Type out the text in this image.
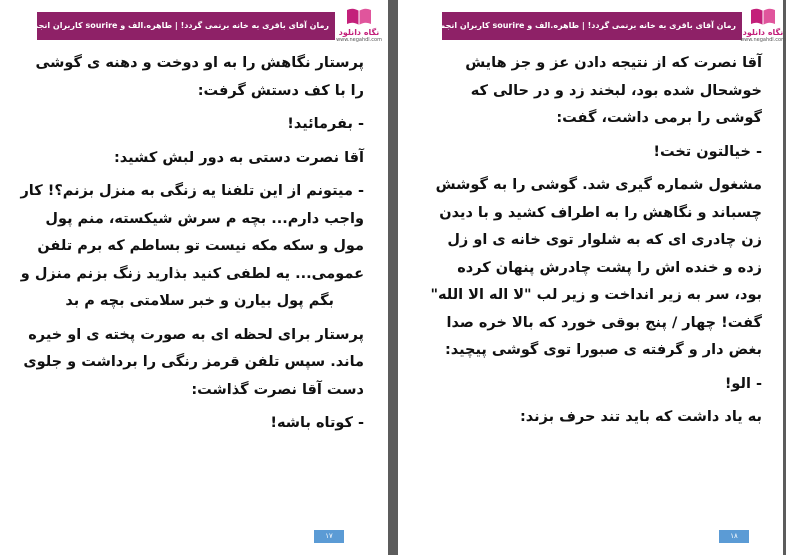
رمان آقای باقری به خانه برنمی گردد! | طاهره.الف و sourire کاربران انجمن
نگاه دانلود
www.negahdl.com
پرستار نگاهش را به او دوخت و دهنه ی گوشی
را با کف دستش گرفت:
- بفرمائید!
آقا نصرت دستی به دور لبش کشید:
- میتونم از این تلفنا یه زنگی به منزل بزنم؟! کار
واجب دارم... بچه م سرش شیکسته، منم پول
مول و سکه مکه نیست تو بساطم که برم تلفن
عمومی... یه لطفی کنید بذارید زنگ بزنم منزل و
بگم پول بیارن و خبر سلامتی بچه م بد
پرستار برای لحظه ای به صورت پخته ی او خیره
ماند. سپس تلفن قرمز رنگی را برداشت و جلوی
دست آقا نصرت گذاشت:
- کوتاه باشه!
۱۷
رمان آقای باقری به خانه برنمی گردد! | طاهره.الف و sourire کاربران انجمن
نگاه دانلود
www.negahdl.com
آقا نصرت که از نتیجه دادن عز و جز هایش
خوشحال شده بود، لبخند زد و در حالی که
گوشی را برمی داشت، گفت:
- خیالتون تخت!
مشغول شماره گیری شد. گوشی را به گوشش
چسباند و نگاهش را به اطراف کشید و با دیدن
زن چادری ای که به شلوار توی خانه ی او زل
زده و خنده اش را پشت چادرش پنهان کرده
بود، سر به زیر انداخت و زیر لب "لا اله الا الله"
گفت! چهار / پنج بوقی خورد که بالا خره صدا
بغض دار و گرفته ی صبورا توی گوشی پیچید:
- الو!
به یاد داشت که باید تند حرف بزند:
۱۸
